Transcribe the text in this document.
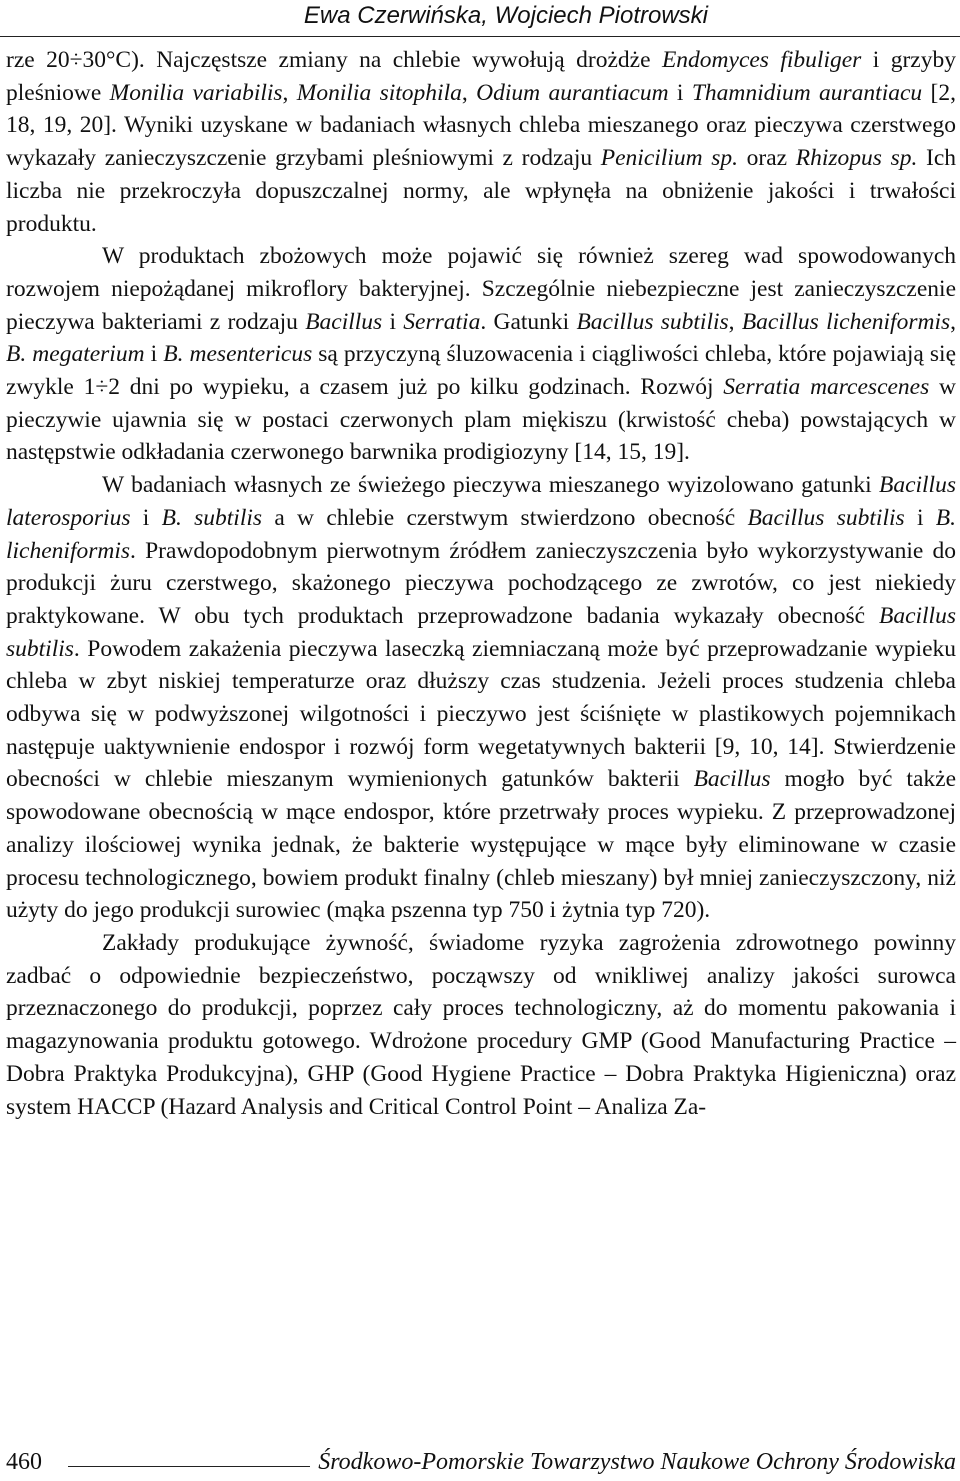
Ewa Czerwińska, Wojciech Piotrowski

rze 20÷30°C). Najczęstsze zmiany na chlebie wywołują drożdże Endomyces fibuliger i grzyby pleśniowe Monilia variabilis, Monilia sitophila, Odium aurantiacum i Thamnidium aurantiacu [2, 18, 19, 20]. Wyniki uzyskane w badaniach własnych chleba mieszanego oraz pieczywa czerstwego wykazały zanieczyszczenie grzybami pleśniowymi z rodzaju Penicilium sp. oraz Rhizopus sp. Ich liczba nie przekroczyła dopuszczalnej normy, ale wpłynęła na obniżenie jakości i trwałości produktu.

W produktach zbożowych może pojawić się również szereg wad spowodowanych rozwojem niepożądanej mikroflory bakteryjnej. Szczególnie niebezpieczne jest zanieczyszczenie pieczywa bakteriami z rodzaju Bacillus i Serratia. Gatunki Bacillus subtilis, Bacillus licheniformis, B. megaterium i B. mesentericus są przyczyną śluzowacenia i ciągliwości chleba, które pojawiają się zwykle 1÷2 dni po wypieku, a czasem już po kilku godzinach. Rozwój Serratia marcescenes w pieczywie ujawnia się w postaci czerwonych plam miękiszu (krwistość cheba) powstających w następstwie odkładania czerwonego barwnika prodigiozyny [14, 15, 19].

W badaniach własnych ze świeżego pieczywa mieszanego wyizolowano gatunki Bacillus laterosporius i B. subtilis a w chlebie czerstwym stwierdzono obecność Bacillus subtilis i B. licheniformis. Prawdopodobnym pierwotnym źródłem zanieczyszczenia było wykorzystywanie do produkcji żuru czerstwego, skażonego pieczywa pochodzącego ze zwrotów, co jest niekiedy praktykowane. W obu tych produktach przeprowadzone badania wykazały obecność Bacillus subtilis. Powodem zakażenia pieczywa laseczką ziemniaczaną może być przeprowadzanie wypieku chleba w zbyt niskiej temperaturze oraz dłuższy czas studzenia. Jeżeli proces studzenia chleba odbywa się w podwyższonej wilgotności i pieczywo jest ściśnięte w plastikowych pojemnikach następuje uaktywnienie endospor i rozwój form wegetatywnych bakterii [9, 10, 14]. Stwierdzenie obecności w chlebie mieszanym wymienionych gatunków bakterii Bacillus mogło być także spowodowane obecnością w mące endospor, które przetrwały proces wypieku. Z przeprowadzonej analizy ilościowej wynika jednak, że bakterie występujące w mące były eliminowane w czasie procesu technologicznego, bowiem produkt finalny (chleb mieszany) był mniej zanieczyszczony, niż użyty do jego produkcji surowiec (mąka pszenna typ 750 i żytnia typ 720).

Zakłady produkujące żywność, świadome ryzyka zagrożenia zdrowotnego powinny zadbać o odpowiednie bezpieczeństwo, począwszy od wnikliwej analizy jakości surowca przeznaczonego do produkcji, poprzez cały proces technologiczny, aż do momentu pakowania i magazynowania produktu gotowego. Wdrożone procedury GMP (Good Manufacturing Practice – Dobra Praktyka Produkcyjna), GHP (Good Hygiene Practice – Dobra Praktyka Higieniczna) oraz system HACCP (Hazard Analysis and Critical Control Point – Analiza Za-

460	Środkowo-Pomorskie Towarzystwo Naukowe Ochrony Środowiska
